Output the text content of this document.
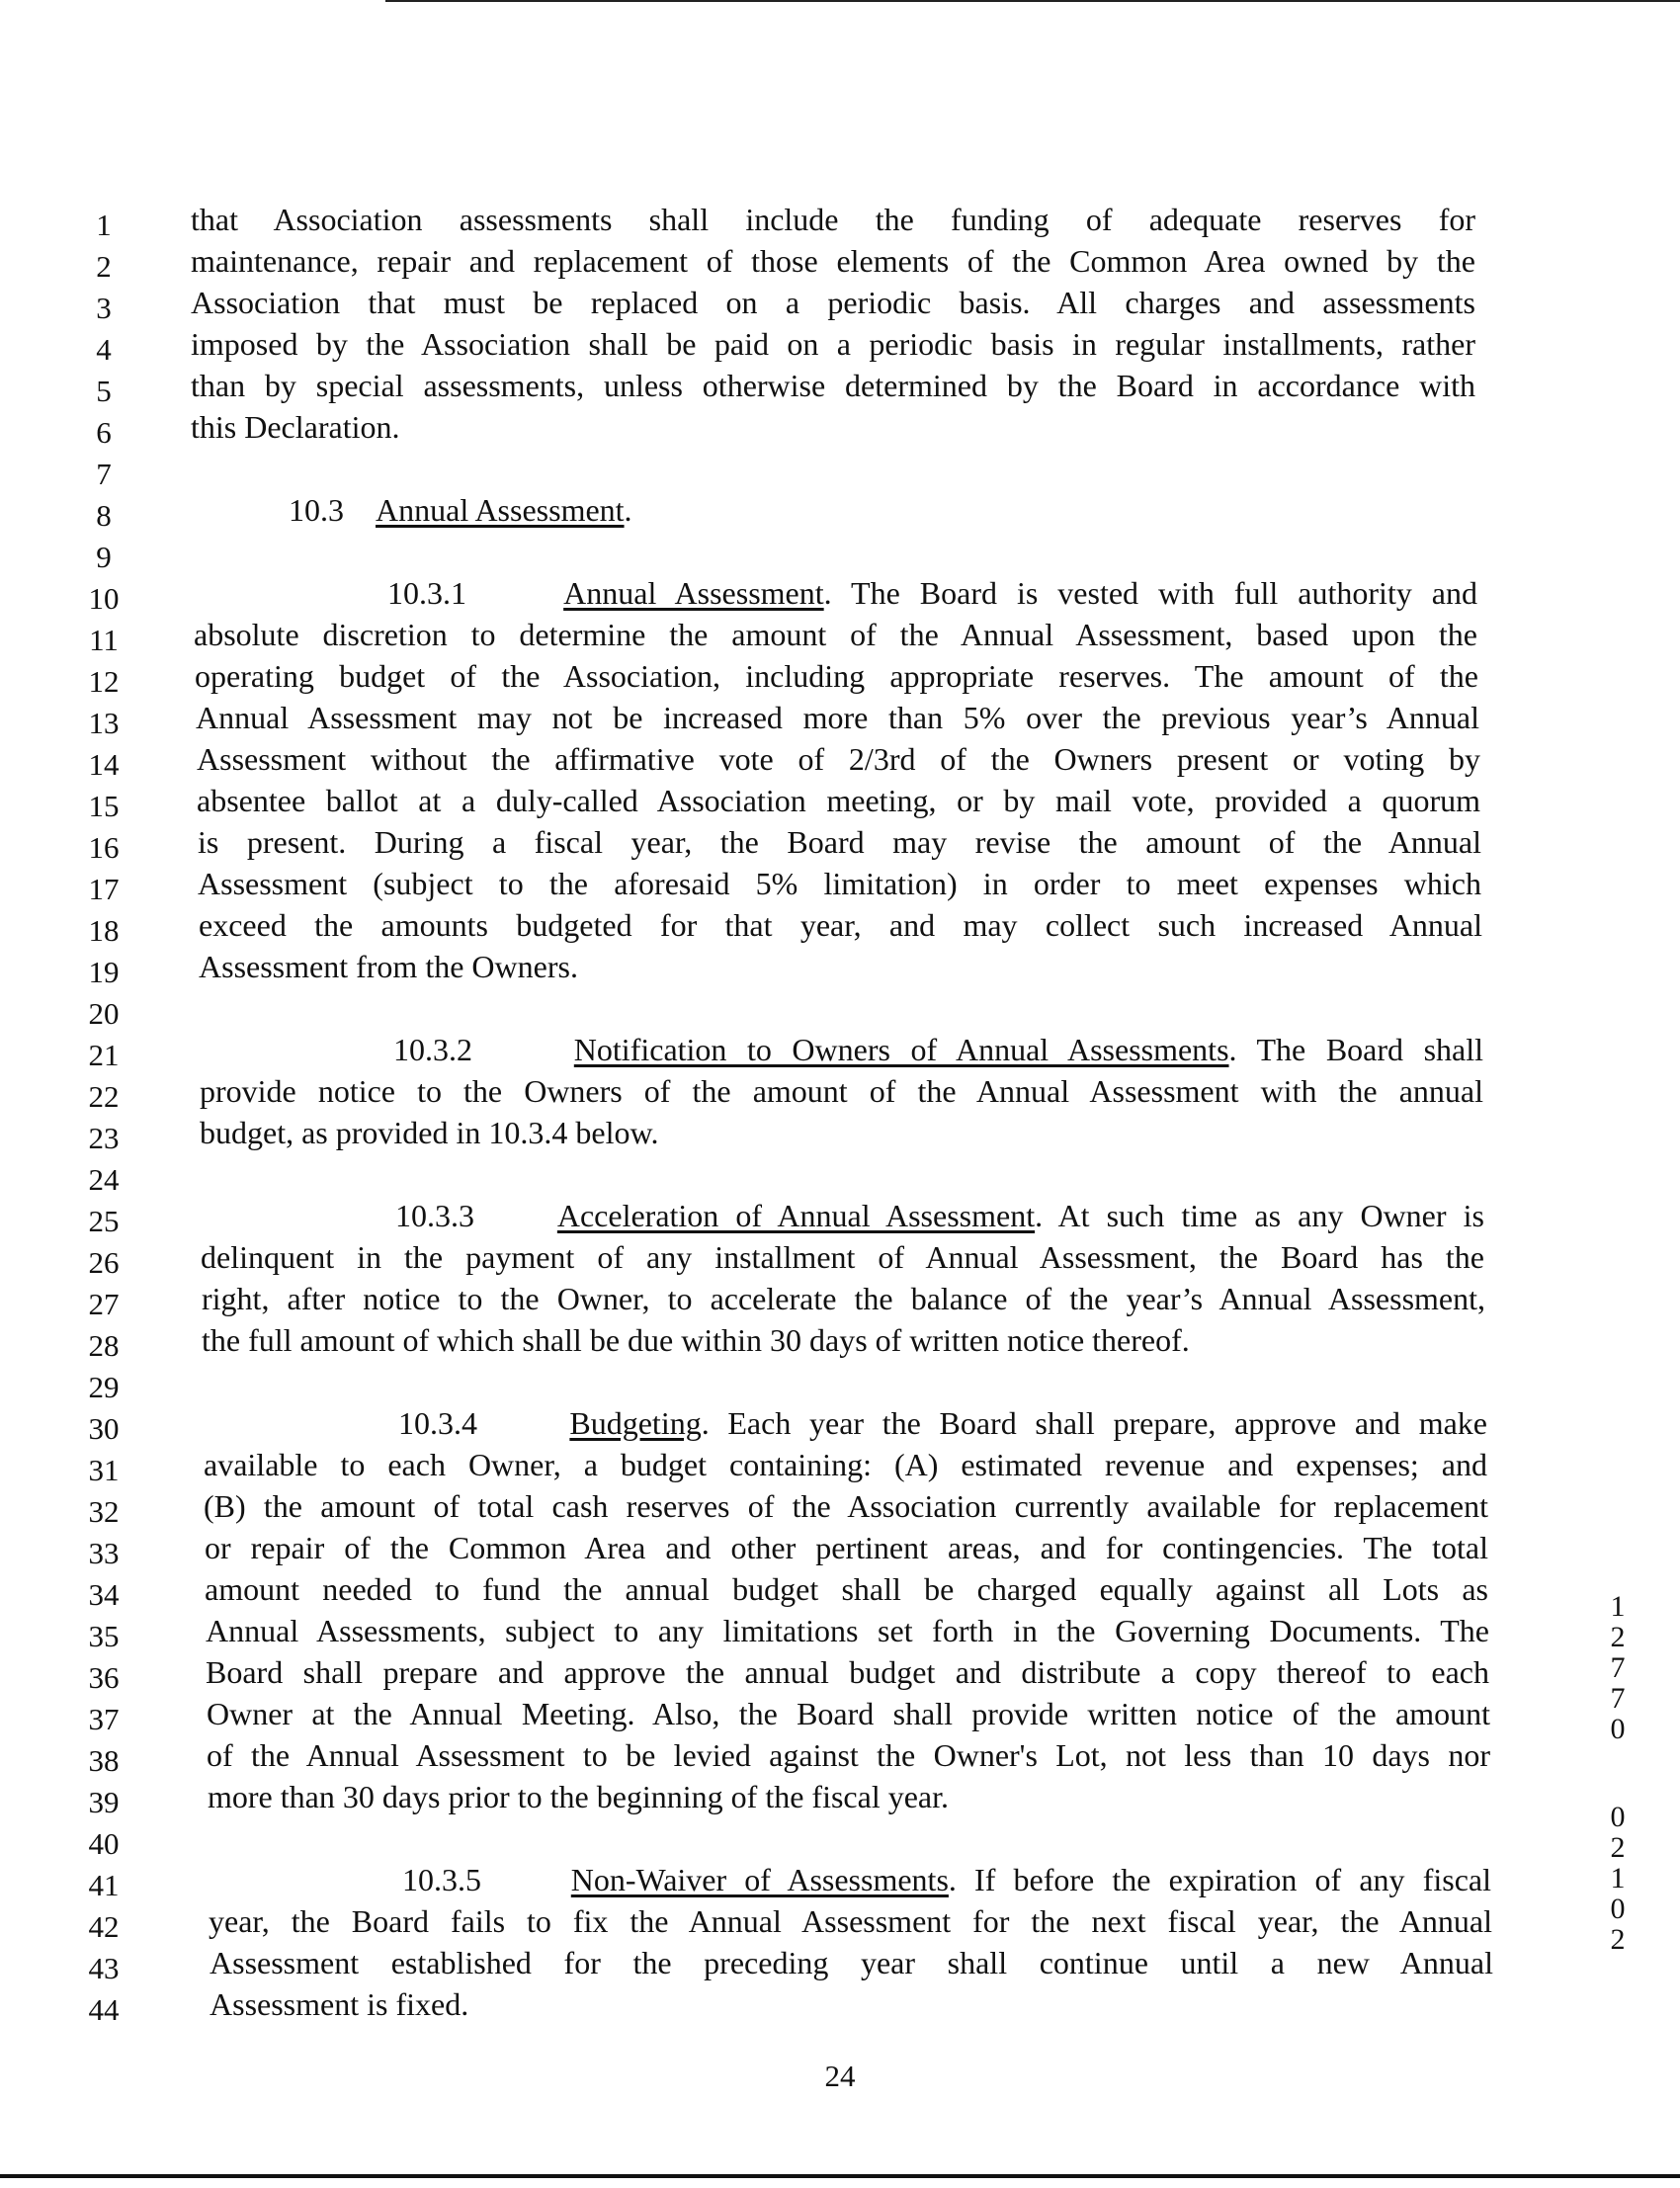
1
2
3
4
5
6
7
8
9
10
11
12
13
14
15
16
17
18
19
20
21
22
23
24
25
26
27
28
29
30
31
32
33
34
35
36
37
38
39
40
41
42
43
44
that Association assessments shall include the funding of adequate reserves for
maintenance, repair and replacement of those elements of the Common Area owned by the
Association that must be replaced on a periodic basis. All charges and assessments
imposed by the Association shall be paid on a periodic basis in regular installments, rather
than by special assessments, unless otherwise determined by the Board in accordance with
this Declaration.
10.3 Annual Assessment.
10.3.1	Annual Assessment. The Board is vested with full authority and
absolute discretion to determine the amount of the Annual Assessment, based upon the
operating budget of the Association, including appropriate reserves. The amount of the
Annual Assessment may not be increased more than 5% over the previous year’s Annual
Assessment without the affirmative vote of 2/3rd of the Owners present or voting by
absentee ballot at a duly-called Association meeting, or by mail vote, provided a quorum
is present. During a fiscal year, the Board may revise the amount of the Annual
Assessment (subject to the aforesaid 5% limitation) in order to meet expenses which
exceed the amounts budgeted for that year, and may collect such increased Annual
Assessment from the Owners.
10.3.2	Notification to Owners of Annual Assessments. The Board shall
provide notice to the Owners of the amount of the Annual Assessment with the annual
budget, as provided in 10.3.4 below.
10.3.3	Acceleration of Annual Assessment. At such time as any Owner is
delinquent in the payment of any installment of Annual Assessment, the Board has the
right, after notice to the Owner, to accelerate the balance of the year’s Annual Assessment,
the full amount of which shall be due within 30 days of written notice thereof.
10.3.4	Budgeting. Each year the Board shall prepare, approve and make
available to each Owner, a budget containing: (A) estimated revenue and expenses; and
(B) the amount of total cash reserves of the Association currently available for replacement
or repair of the Common Area and other pertinent areas, and for contingencies. The total
amount needed to fund the annual budget shall be charged equally against all Lots as
Annual Assessments, subject to any limitations set forth in the Governing Documents. The
Board shall prepare and approve the annual budget and distribute a copy thereof to each
Owner at the Annual Meeting. Also, the Board shall provide written notice of the amount
of the Annual Assessment to be levied against the Owner's Lot, not less than 10 days nor
more than 30 days prior to the beginning of the fiscal year.
10.3.5	Non-Waiver of Assessments. If before the expiration of any fiscal
year, the Board fails to fix the Annual Assessment for the next fiscal year, the Annual
Assessment established for the preceding year shall continue until a new Annual
Assessment is fixed.
24
1
2
7
7
0
0
2
1
0
2
